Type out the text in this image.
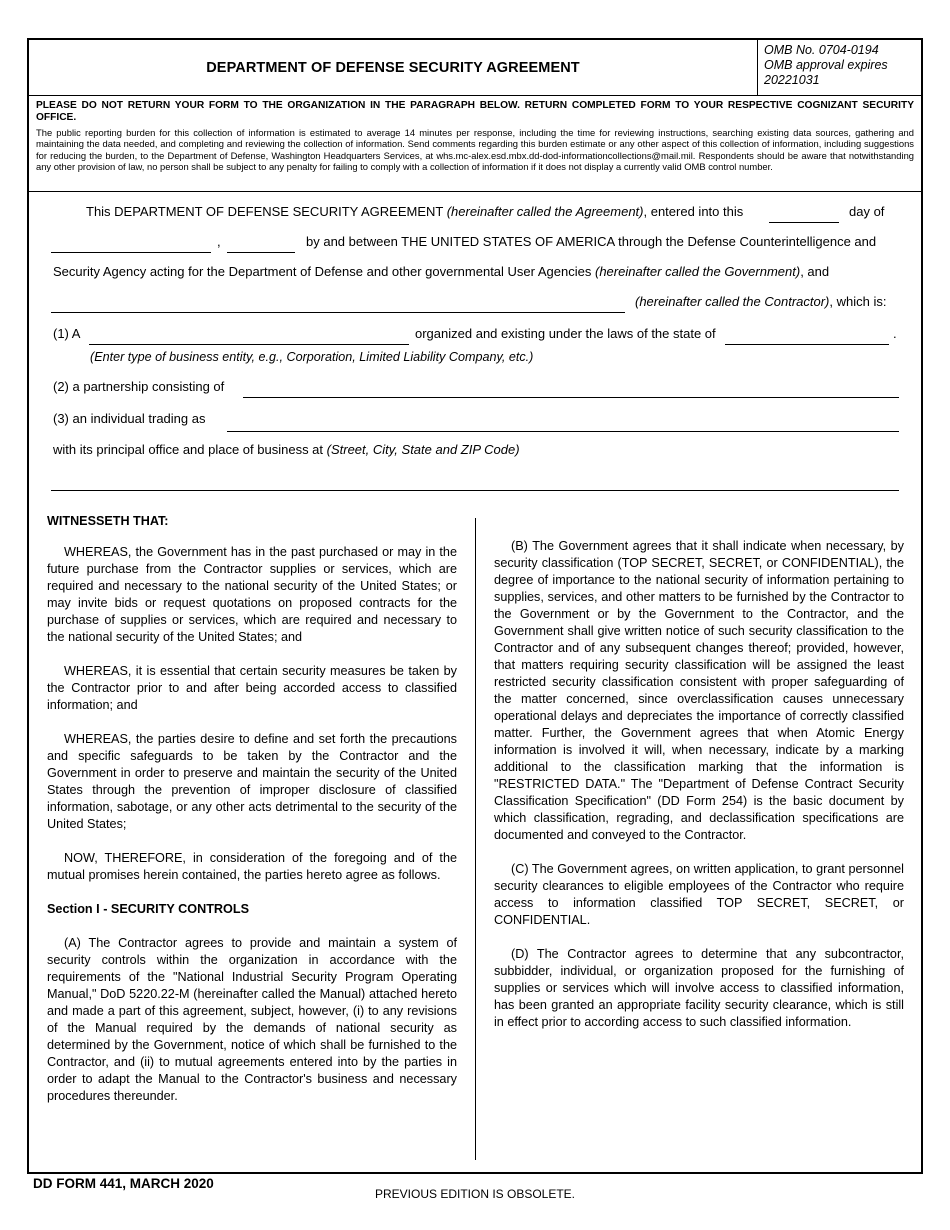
DEPARTMENT OF DEFENSE SECURITY AGREEMENT
OMB No. 0704-0194
OMB approval expires
20221031
PLEASE DO NOT RETURN YOUR FORM TO THE ORGANIZATION IN THE PARAGRAPH BELOW. RETURN COMPLETED FORM TO YOUR RESPECTIVE COGNIZANT SECURITY OFFICE.
The public reporting burden for this collection of information is estimated to average 14 minutes per response, including the time for reviewing instructions, searching existing data sources, gathering and maintaining the data needed, and completing and reviewing the collection of information. Send comments regarding this burden estimate or any other aspect of this collection of information, including suggestions for reducing the burden, to the Department of Defense, Washington Headquarters Services, at whs.mc-alex.esd.mbx.dd-dod-informationcollections@mail.mil. Respondents should be aware that notwithstanding any other provision of law, no person shall be subject to any penalty for failing to comply with a collection of information if it does not display a currently valid OMB control number.
This DEPARTMENT OF DEFENSE SECURITY AGREEMENT (hereinafter called the Agreement), entered into this	day of
,	by and between THE UNITED STATES OF AMERICA through the Defense Counterintelligence and
Security Agency acting for the Department of Defense and other governmental User Agencies (hereinafter called the Government), and
(hereinafter called the Contractor), which is:
(1) A	organized and existing under the laws of the state of	.
(Enter type of business entity, e.g., Corporation, Limited Liability Company, etc.)
(2) a partnership consisting of
(3) an individual trading as
with its principal office and place of business at (Street, City, State and ZIP Code)
WITNESSETH THAT:

WHEREAS, the Government has in the past purchased or may in the future purchase from the Contractor supplies or services, which are required and necessary to the national security of the United States; or may invite bids or request quotations on proposed contracts for the purchase of supplies or services, which are required and necessary to the national security of the United States; and

WHEREAS, it is essential that certain security measures be taken by the Contractor prior to and after being accorded access to classified information; and

WHEREAS, the parties desire to define and set forth the precautions and specific safeguards to be taken by the Contractor and the Government in order to preserve and maintain the security of the United States through the prevention of improper disclosure of classified information, sabotage, or any other acts detrimental to the security of the United States;

NOW, THEREFORE, in consideration of the foregoing and of the mutual promises herein contained, the parties hereto agree as follows.

Section I - SECURITY CONTROLS

(A) The Contractor agrees to provide and maintain a system of security controls within the organization in accordance with the requirements of the "National Industrial Security Program Operating Manual," DoD 5220.22-M (hereinafter called the Manual) attached hereto and made a part of this agreement, subject, however, (i) to any revisions of the Manual required by the demands of national security as determined by the Government, notice of which shall be furnished to the Contractor, and (ii) to mutual agreements entered into by the parties in order to adapt the Manual to the Contractor's business and necessary procedures thereunder.

(B) The Government agrees that it shall indicate when necessary, by security classification (TOP SECRET, SECRET, or CONFIDENTIAL), the degree of importance to the national security of information pertaining to supplies, services, and other matters to be furnished by the Contractor to the Government or by the Government to the Contractor, and the Government shall give written notice of such security classification to the Contractor and of any subsequent changes thereof; provided, however, that matters requiring security classification will be assigned the least restricted security classification consistent with proper safeguarding of the matter concerned, since overclassification causes unnecessary operational delays and depreciates the importance of correctly classified matter. Further, the Government agrees that when Atomic Energy information is involved it will, when necessary, indicate by a marking additional to the classification marking that the information is "RESTRICTED DATA." The "Department of Defense Contract Security Classification Specification" (DD Form 254) is the basic document by which classification, regrading, and declassification specifications are documented and conveyed to the Contractor.

(C) The Government agrees, on written application, to grant personnel security clearances to eligible employees of the Contractor who require access to information classified TOP SECRET, SECRET, or CONFIDENTIAL.

(D) The Contractor agrees to determine that any subcontractor, subbidder, individual, or organization proposed for the furnishing of supplies or services which will involve access to classified information, has been granted an appropriate facility security clearance, which is still in effect prior to according access to such classified information.

DD FORM 441, MARCH 2020
PREVIOUS EDITION IS OBSOLETE.
